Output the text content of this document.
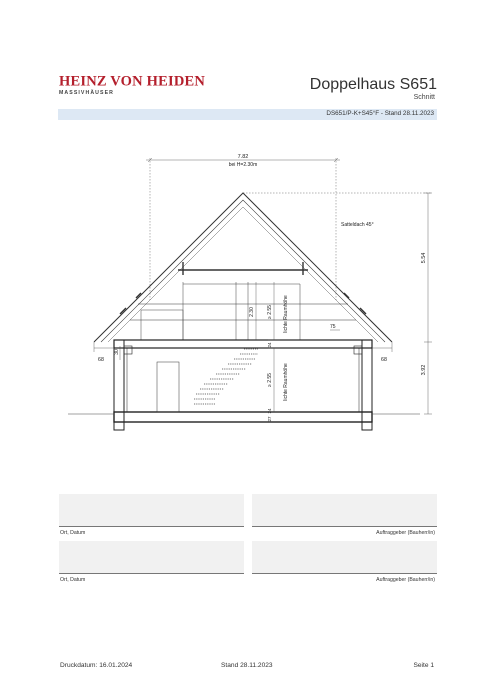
HEINZ VON HEIDEN
MASSIVHÄUSER	Doppelhaus S651
Schnitt
DS651/P-K+S45°F - Stand 28.11.2023
7.82
bei H=2.30m
Satteldach 45°
5.54
3.92
68	68
30
2.30 ≥ 2.55 lichte Raumhöhe	75
24
≥ 2.55 lichte Raumhöhe
24
27
Ort, Datum	Auftraggeber (Bauherr/in)
Ort, Datum	Auftraggeber (Bauherr/in)
Druckdatum: 16.01.2024	Stand 28.11.2023	Seite 1
